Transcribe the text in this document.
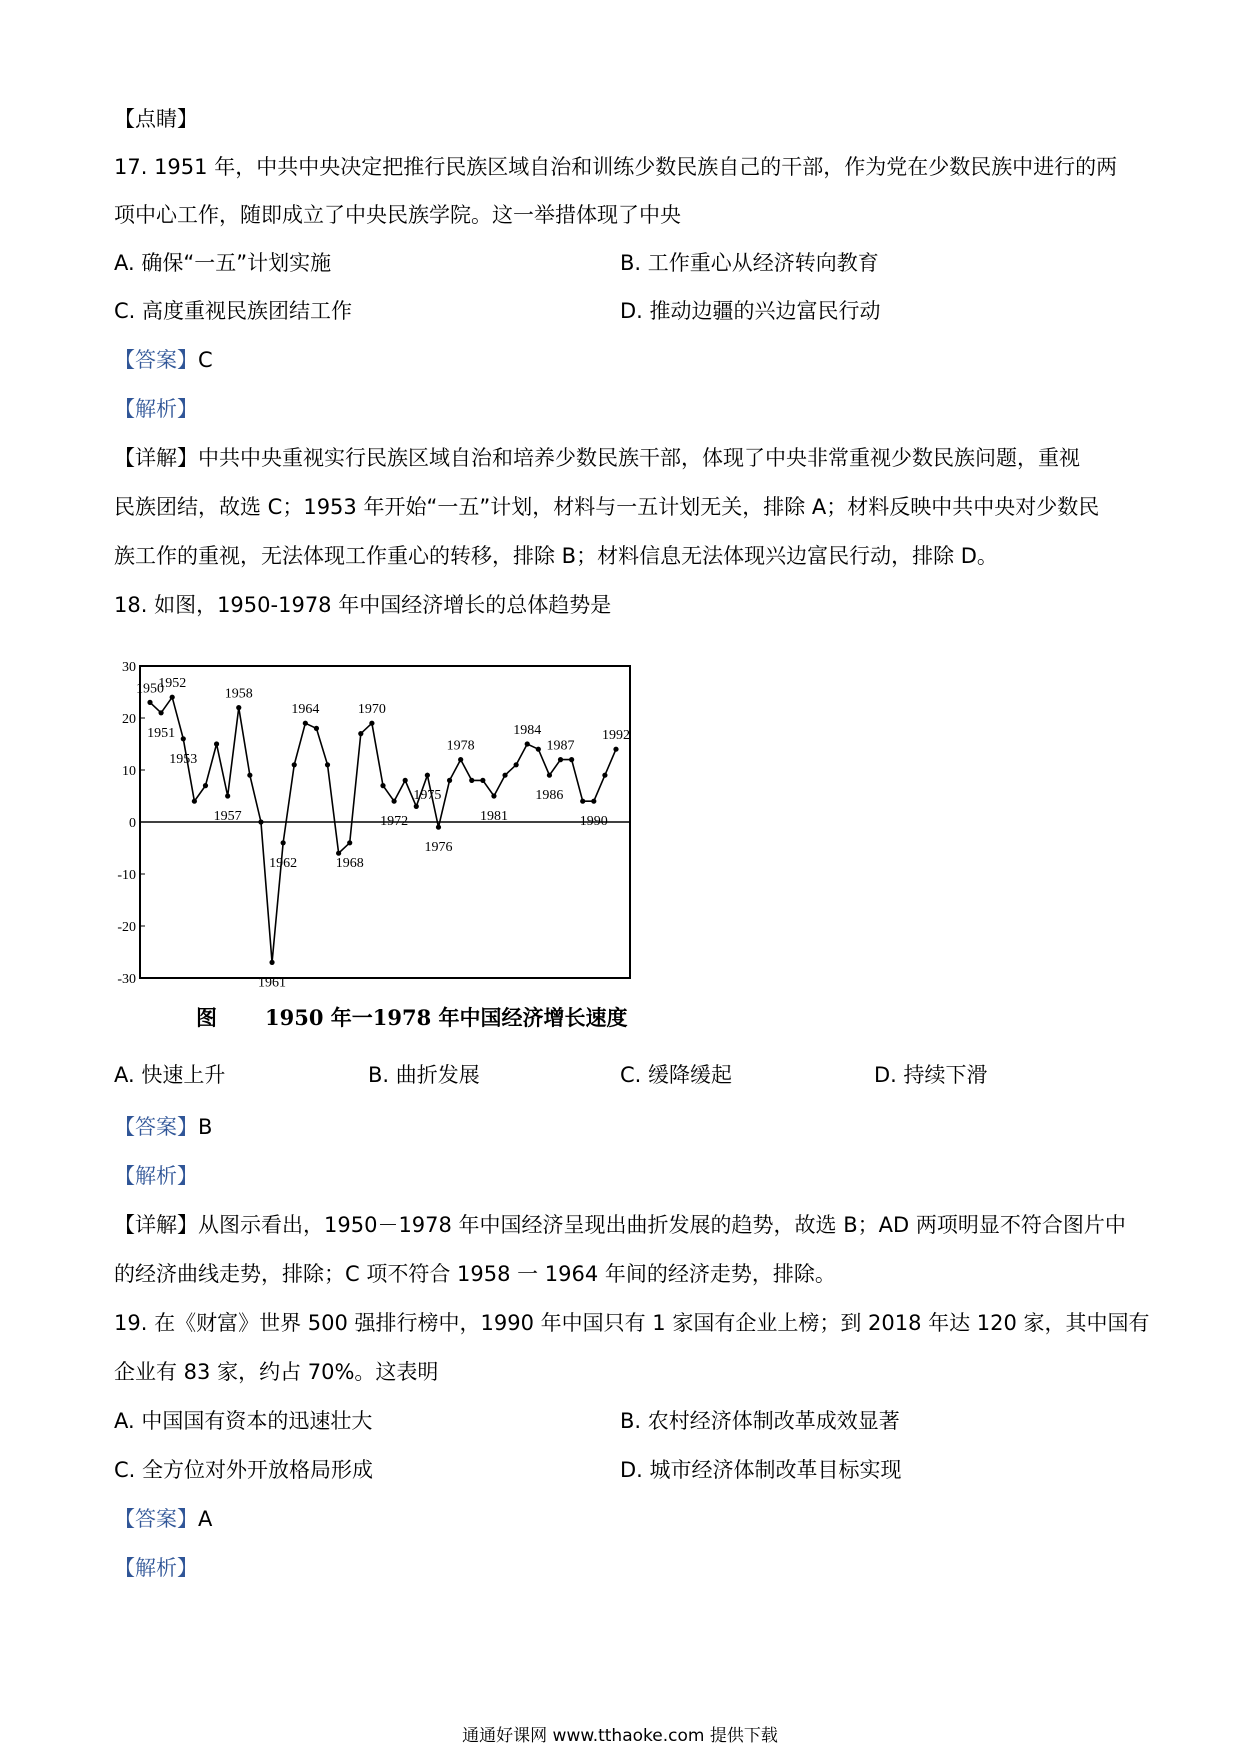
【点睛】
17. 1951 年，中共中央决定把推行民族区域自治和训练少数民族自己的干部，作为党在少数民族中进行的两
项中心工作，随即成立了中央民族学院。这一举措体现了中央
A. 确保“一五”计划实施	B. 工作重心从经济转向教育
C. 高度重视民族团结工作	D. 推动边疆的兴边富民行动
【答案】C
【解析】
【详解】中共中央重视实行民族区域自治和培养少数民族干部，体现了中央非常重视少数民族问题，重视
民族团结，故选 C；1953 年开始“一五”计划，材料与一五计划无关，排除 A；材料反映中共中央对少数民
族工作的重视，无法体现工作重心的转移，排除 B；材料信息无法体现兴边富民行动，排除 D。
18. 如图，1950-1978 年中国经济增长的总体趋势是
30
20
10
0
-10
-20
-30
1950
1951
1952
1953
1957
1958
1961
1962
1964
1968
1970
1972
1975
1976
1978
1981
1984
1986
1987
1990
1992
图 1950 年一1978 年中国经济增长速度
A. 快速上升	B. 曲折发展	C. 缓降缓起	D. 持续下滑
【答案】B
【解析】
【详解】从图示看出，1950－1978 年中国经济呈现出曲折发展的趋势，故选 B；AD 两项明显不符合图片中
的经济曲线走势，排除；C 项不符合 1958 一 1964 年间的经济走势，排除。
19. 在《财富》世界 500 强排行榜中，1990 年中国只有 1 家国有企业上榜；到 2018 年达 120 家，其中国有
企业有 83 家，约占 70%。这表明
A. 中国国有资本的迅速壮大	B. 农村经济体制改革成效显著
C. 全方位对外开放格局形成	D. 城市经济体制改革目标实现
【答案】A
【解析】
通通好课网 www.tthaoke.com 提供下载
